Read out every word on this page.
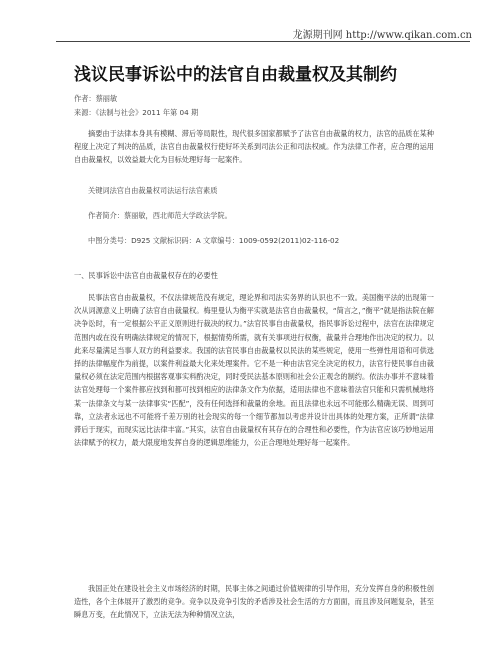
龙源期刊网 http://www.qikan.com.cn
浅议民事诉讼中的法官自由裁量权及其制约
作者：蔡丽敏
来源：《法制与社会》2011 年第 04 期
摘要由于法律本身具有模糊、滞后等局限性，现代很多国家都赋予了法官自由裁量的权力，法官的品质在某种程度上决定了判决的品质，法官自由裁量权行使好坏关系到司法公正和司法权威。作为法律工作者，应合理的运用自由裁量权，以效益最大化为目标处理好每一起案件。
关键词法官自由裁量权司法运行法官素质
作者简介：蔡丽敏，西北师范大学政法学院。
中图分类号：D925 文献标识码：A 文章编号：1009-0592(2011)02-116-02
一、民事诉讼中法官自由裁量权存在的必要性
民事法官自由裁量权，不仅法律规范没有规定，理论界和司法实务界的认识也不一致。美国衡平法的出现第一次从词源意义上明确了法官自由裁量权。梅里曼认为衡平实就是法官自由裁量权，“简言之，”衡平”就是指法院在解决争讼时，有一定根据公平正义原则进行裁决的权力。”法官民事自由裁量权，指民事诉讼过程中，法官在法律规定范围内或在没有明确法律规定的情况下，根据情势所需，就有关事项进行权衡，裁量并合理地作出决定的权力。以此来尽量满足当事人双方的利益要求。我国的法官民事自由裁量权以民法的某些规定，使用一些弹性用语和可供选择的法律幅度作为前提，以案件利益最大化来处理案件。它不是一种由法官完全决定的权力，法官行使民事自由裁量权必须在法定范围内根据客观事实料酌决定，同时受民法基本原则和社会公正观念的制约。依法办事并不意味着法官处理每一个案件都应找到和都可找到相应的法律条文作为依据，适用法律也不意味着法官只能和只需机械地将某一法律条文与某一法律事实“匹配”，没有任何选择和裁量的余地。而且法律也永远不可能那么精确无误、周到可靠，立法者永远也不可能将千差万别的社会现实的每一个细节都加以考虑并设计出具体的处理方案，正所谓“法律滞后于现实，而现实远比法律丰富。”其实，法官自由裁量权有其存在的合理性和必要性，作为法官应该巧妙地运用法律赋予的权力，最大限度地发挥自身的逻辑思维能力，公正合理地处理好每一起案件。
我国正处在建设社会主义市场经济的时期，民事主体之间通过价值规律的引导作用，充分发挥自身的积极性创造性，各个主体展开了激烈的竞争。竞争以及竞争引发的矛盾涉及社会生活的方方面面，而且涉及问题复杂，甚至瞬息万变，在此情况下，立法无法为种种情况立法，
